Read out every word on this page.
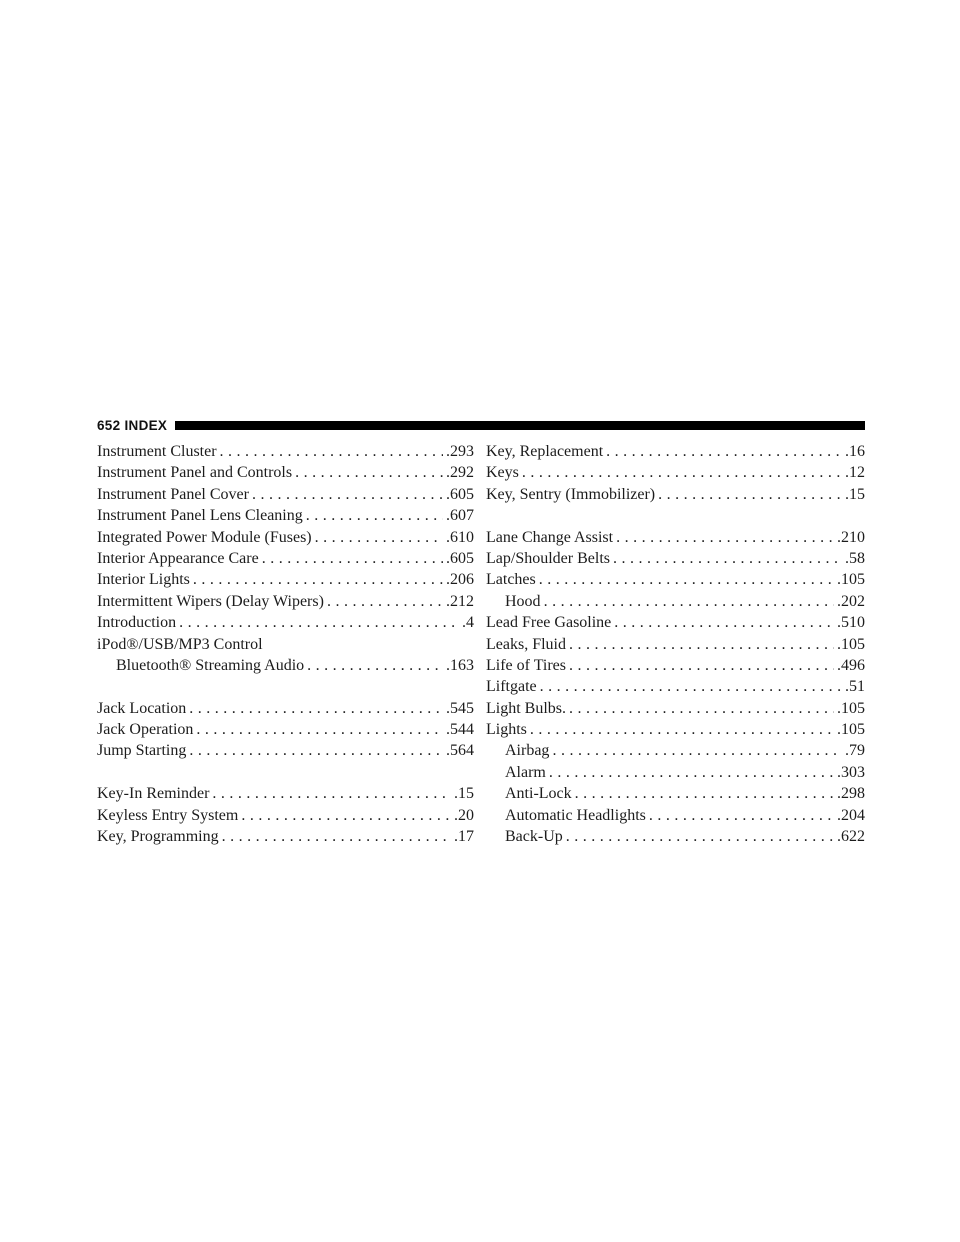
652 INDEX
Instrument Cluster . . .	.293
Instrument Panel and Controls . . .	.292
Instrument Panel Cover . . .	.605
Instrument Panel Lens Cleaning . . .	.607
Integrated Power Module (Fuses) . . .	.610
Interior Appearance Care . . .	.605
Interior Lights . . .	.206
Intermittent Wipers (Delay Wipers) . . .	.212
Introduction . . .	.4
iPod®/USB/MP3 Control
Bluetooth® Streaming Audio . . .	.163
Jack Location . . .	.545
Jack Operation . . .	.544
Jump Starting . . .	.564
Key-In Reminder . . .	.15
Keyless Entry System . . .	.20
Key, Programming . . .	.17
Key, Replacement . . .	.16
Keys . . .	.12
Key, Sentry (Immobilizer) . . .	.15
Lane Change Assist . . .	.210
Lap/Shoulder Belts . . .	.58
Latches . . .	.105
Hood . . .	.202
Lead Free Gasoline . . .	.510
Leaks, Fluid . . .	.105
Life of Tires . . .	.496
Liftgate . . .	.51
Light Bulbs. . . .	.105
Lights . . .	.105
Airbag . . .	.79
Alarm . . .	.303
Anti-Lock . . .	.298
Automatic Headlights . . .	.204
Back-Up . . .	.622
